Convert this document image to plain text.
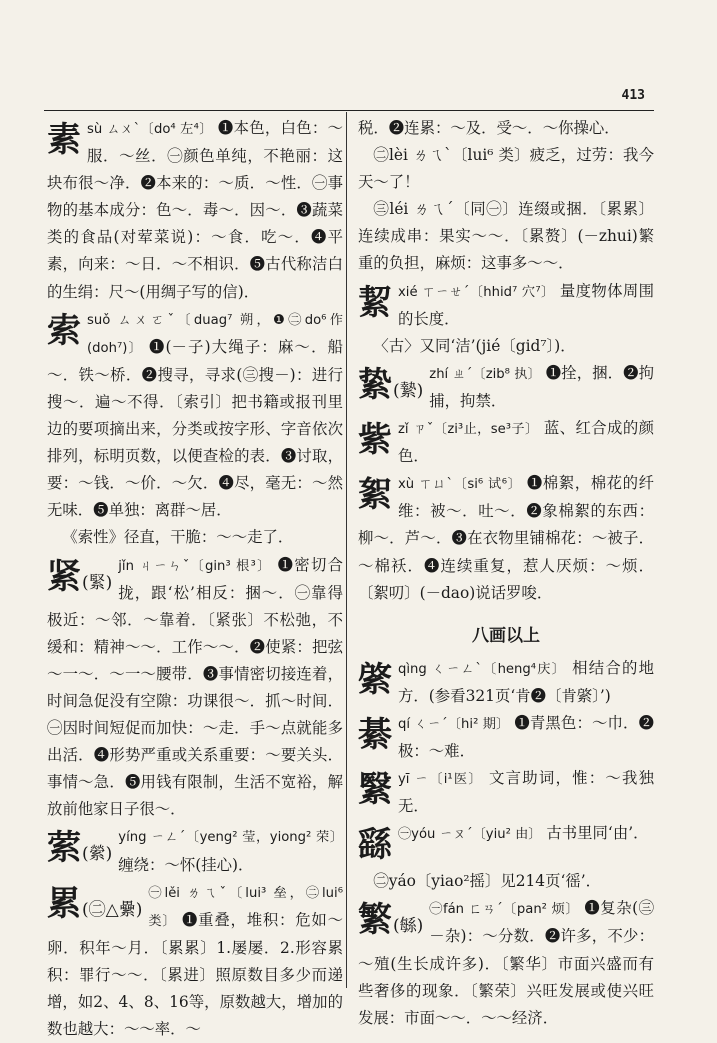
413
素 sù ㄙㄨˋ〔do⁴ 左⁴〕 ❶本色，白色：～服．～丝．㊀颜色单纯，不艳丽：这块布很～净．❷本来的：～质．～性．㊀事物的基本成分：色～．毒～．因～．❸蔬菜类的食品(对荤菜说)：～食．吃～．❹平素，向来：～日．～不相识．❺古代称洁白的生绢：尺～(用绸子写的信)．

索 suǒ ㄙㄨㄛˇ〔duag⁷ 朔，❶㊁do⁶作(doh⁷)〕 ❶(－子)大绳子：麻～．船～．铁～桥．❷搜寻，寻求(㊂搜－)：进行搜～．遍～不得．〔索引〕把书籍或报刊里边的要项摘出来，分类或按字形、字音依次排列，标明页数，以便查检的表．❸讨取，要：～钱．～价．～欠．❹尽，毫无：～然无味．❺单独：离群～居．

《索性》径直，干脆：～～走了．

紧(緊)

jǐn ㄐㄧㄣˇ〔gin³ 根³〕 ❶密切合拢，跟‘松’相反：捆～．㊀靠得极近：～邻．～靠着．〔紧张〕不松弛，不缓和：精神～～．工作～～．❷使紧：把弦～一～．～一～腰带．❸事情密切接连着，时间急促没有空隙：功课很～．抓～时间．㊀因时间短促而加快：～走．手～点就能多出活．❹形势严重或关系重要：～要关头．事情～急．❺用钱有限制，生活不宽裕，解放前他家日子很～．

萦(縈)

yíng ㄧㄥˊ〔yeng² 莹，yiong² 荣〕 缠绕：～怀(挂心)．

累(㊁△纍)

㊀lěi ㄌㄟˇ〔lui³ 垒，㊁lui⁶ 类〕 ❶重叠，堆积：危如～卵．积年～月．〔累累〕1.屡屡．2.形容累积：罪行～～．〔累进〕照原数目多少而递增，如2、4、8、16等，原数越大，增加的数也越大：～～率．～

税．❷连累：～及．受～．～你操心．

㊁lèi ㄌㄟˋ〔lui⁶ 类〕疲乏，过劳：我今天～了！

㊂léi ㄌㄟˊ〔同㊀〕连缀或捆．〔累累〕连续成串：果实～～．〔累赘〕(－zhui)繁重的负担，麻烦：这事多～～．

絜 xié ㄒㄧㄝˊ〔hhid⁷ 穴⁷〕 量度物体周围的长度．

〈古〉又同‘洁’(jié〔gid⁷〕)．

絷(縶)

zhí ㄓˊ〔zib⁸ 执〕 ❶拴，捆．❷拘捕，拘禁．

紫 zǐ ㄗˇ〔zi³止，se³子〕 蓝、红合成的颜色．

絮 xù ㄒㄩˋ〔si⁶ 试⁶〕 ❶棉絮，棉花的纤维：被～．吐～．❷象棉絮的东西：柳～．芦～．❸在衣物里铺棉花：～被子．～棉袄．❹连续重复，惹人厌烦：～烦．〔絮叨〕(－dao)说话罗唆．

八画以上
綮 qìng ㄑㄧㄥˋ〔heng⁴庆〕 相结合的地方．(参看321页‘肯❷〔肯綮〕’)

綦 qí ㄑㄧˊ〔hi² 期〕 ❶青黑色：～巾．❷极：～难．

繄 yī ㄧ〔i¹医〕 文言助词，惟：～我独无．

繇 ㊀yóu ㄧㄡˊ〔yiu² 由〕 古书里同‘由’．

㊁yáo〔yiao²摇〕见214页‘徭’．

繁(緐)

㊀fán ㄈㄢˊ〔pan² 烦〕 ❶复杂(㊂－杂)：～分数．❷许多，不少：～殖(生长成许多)．〔繁华〕市面兴盛而有些奢侈的现象．〔繁荣〕兴旺发展或使兴旺发展：市面～～．～～经济．
